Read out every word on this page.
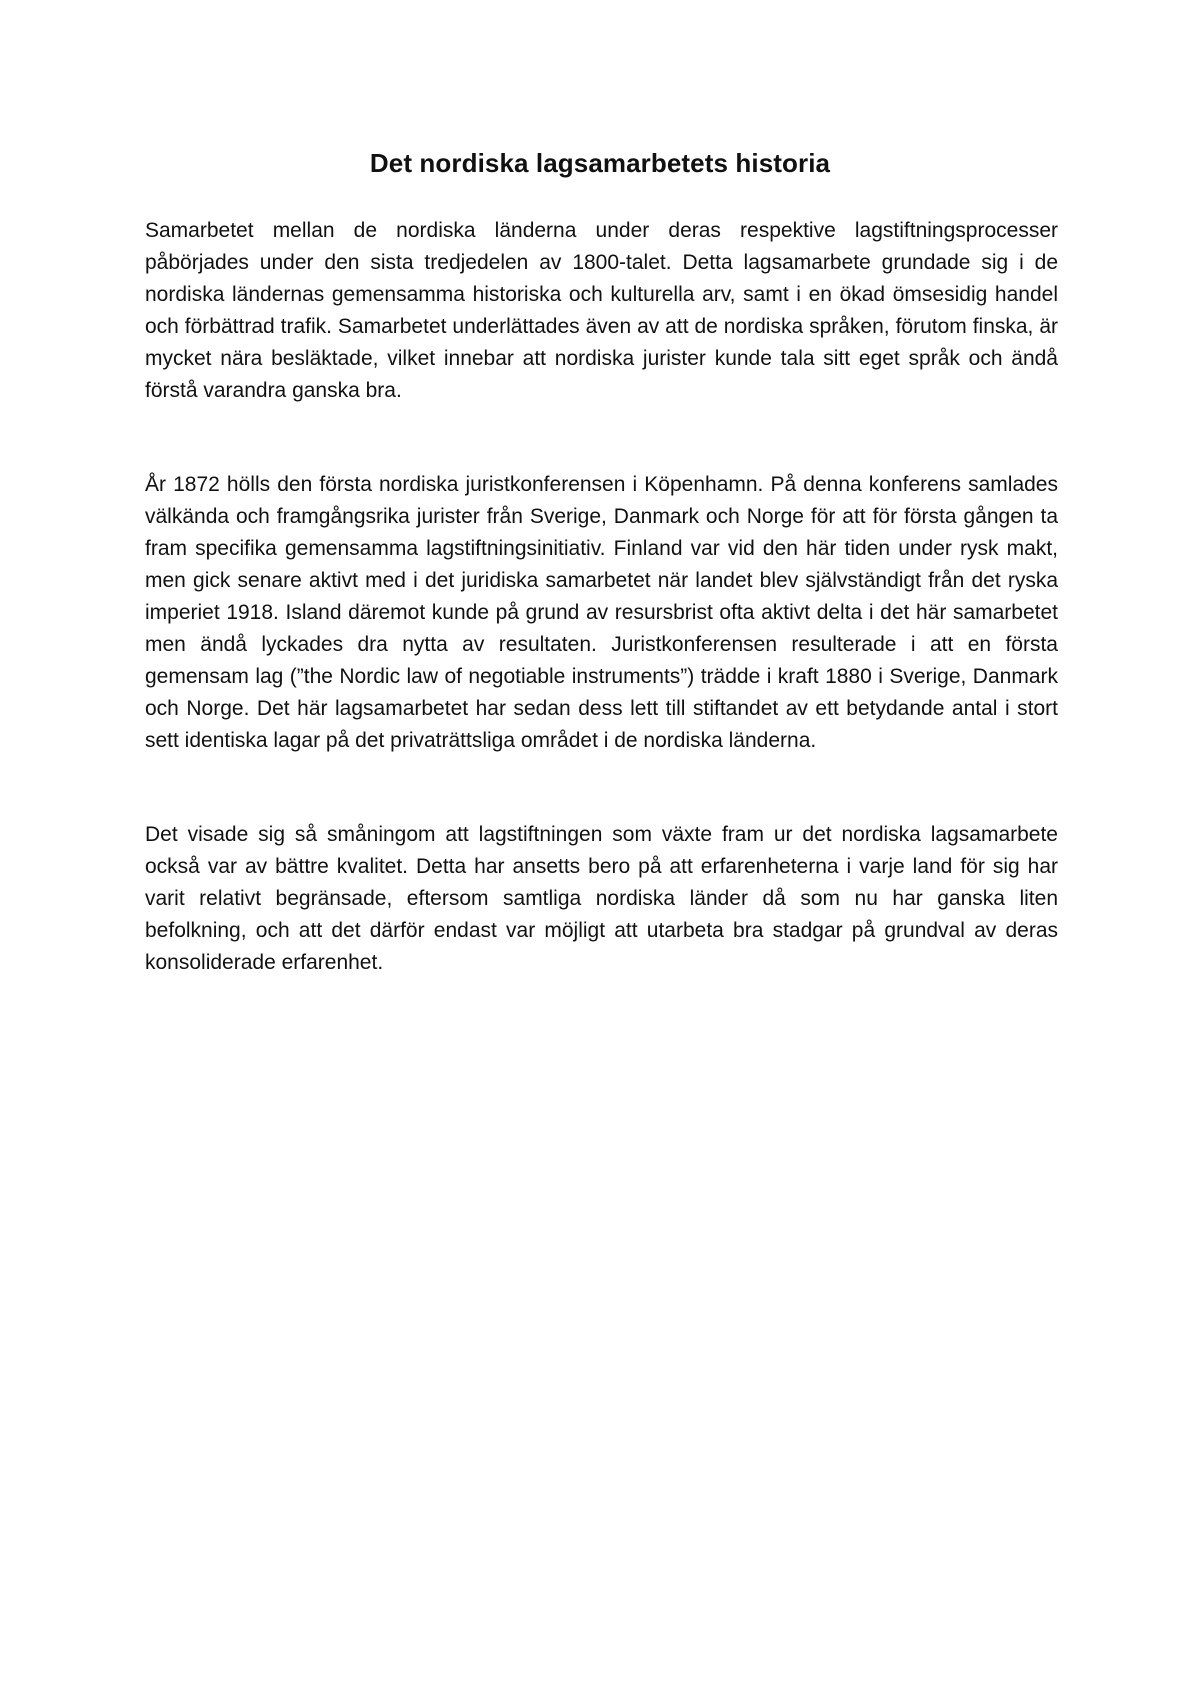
Det nordiska lagsamarbetets historia

Samarbetet mellan de nordiska länderna under deras respektive lagstiftningsprocesser påbörjades under den sista tredjedelen av 1800-talet. Detta lagsamarbete grundade sig i de nordiska ländernas gemensamma historiska och kulturella arv, samt i en ökad ömsesidig handel och förbättrad trafik. Samarbetet underlättades även av att de nordiska språken, förutom finska, är mycket nära besläktade, vilket innebar att nordiska jurister kunde tala sitt eget språk och ändå förstå varandra ganska bra.

År 1872 hölls den första nordiska juristkonferensen i Köpenhamn. På denna konferens samlades välkända och framgångsrika jurister från Sverige, Danmark och Norge för att för första gången ta fram specifika gemensamma lagstiftningsinitiativ. Finland var vid den här tiden under rysk makt, men gick senare aktivt med i det juridiska samarbetet när landet blev självständigt från det ryska imperiet 1918. Island däremot kunde på grund av resursbrist ofta aktivt delta i det här samarbetet men ändå lyckades dra nytta av resultaten. Juristkonferensen resulterade i att en första gemensam lag (”the Nordic law of negotiable instruments”) trädde i kraft 1880 i Sverige, Danmark och Norge. Det här lagsamarbetet har sedan dess lett till stiftandet av ett betydande antal i stort sett identiska lagar på det privaträttsliga området i de nordiska länderna.

Det visade sig så småningom att lagstiftningen som växte fram ur det nordiska lagsamarbete också var av bättre kvalitet. Detta har ansetts bero på att erfarenheterna i varje land för sig har varit relativt begränsade, eftersom samtliga nordiska länder då som nu har ganska liten befolkning, och att det därför endast var möjligt att utarbeta bra stadgar på grundval av deras konsoliderade erfarenhet.
